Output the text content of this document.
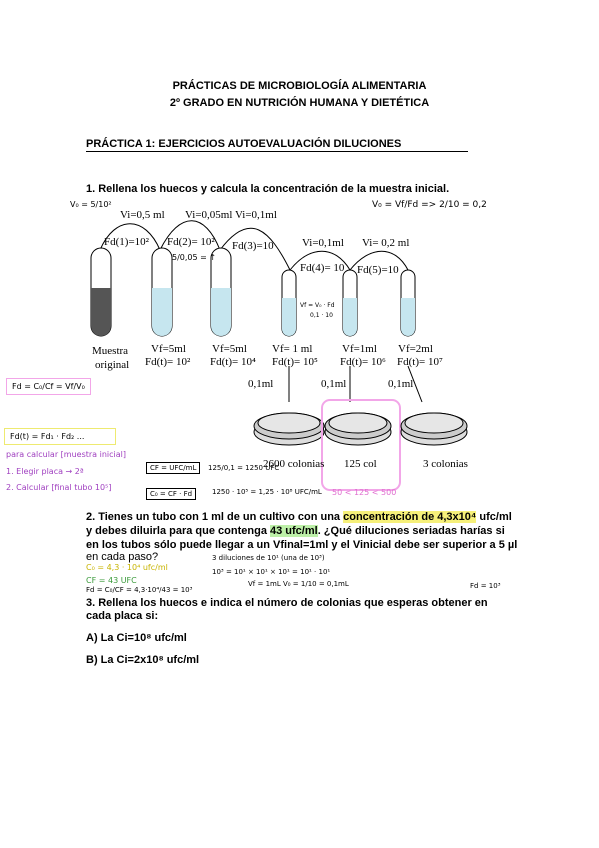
PRÁCTICAS DE MICROBIOLOGÍA ALIMENTARIA
2º GRADO EN NUTRICIÓN HUMANA Y DIETÉTICA
PRÁCTICA 1: EJERCICIOS AUTOEVALUACIÓN DILUCIONES
1. Rellena los huecos y calcula la concentración de la muestra inicial.
Vi=0,5 ml Vi=0,05ml Vi=0,1ml
Vi=0,1ml Vi= 0,2 ml
Fd(1)=10² Fd(2)= 10² Fd(3)=10
Fd(4)= 10 Fd(5)=10
V₀ = 5/10²	V₀ = Vf/Fd => 2/10 = 0,2
5/0,05 = ↑
Vf = V₀ · Fd
0,1 · 10
Muestra
original
Vf=5ml Vf=5ml Vf= 1 ml	Vf=1ml Vf=2ml
Fd(t)= 10² Fd(t)= 10⁴ Fd(t)= 10⁵ Fd(t)= 10⁶ Fd(t)= 10⁷
0,1ml	0,1ml	0,1ml
2600 colonias 125 col	3 colonias
Fd = C₀/Cf = Vf/V₀
Fd(t) = Fd₁ · Fd₂ ...
para calcular [muestra inicial]
1. Elegir placa → 2ª
2. Calcular [final tubo 10⁵]
CF = UFC/mL	125/0,1 = 1250 UFC
C₀ = CF · Fd	1250 · 10⁵ = 1,25 · 10⁸ UFC/mL 50 < 125 < 500
2. Tienes un tubo con 1 ml de un cultivo con una concentración de 4,3x10⁴ ufc/ml
y debes diluirla para que contenga 43 ufc/ml. ¿Qué diluciones seriadas harías si
en los tubos sólo puede llegar a un Vfinal=1ml y el Vinicial debe ser superior a 5 µl
en cada paso?
C₀ = 4,3 · 10⁴ ufc/ml
CF = 43 UFC
Fd = C₀/CF = 4,3·10⁴/43 = 10³
3 diluciones de 10¹ (una de 10³)
10³ = 10¹ × 10¹ × 10¹ = 10¹ · 10¹
Vf = 1mL V₀ = 1/10 = 0,1mL	Fd = 10³
3. Rellena los huecos e indica el número de colonias que esperas obtener en
cada placa si:
A) La Ci=10⁸ ufc/ml
B) La Ci=2x10⁸ ufc/ml
